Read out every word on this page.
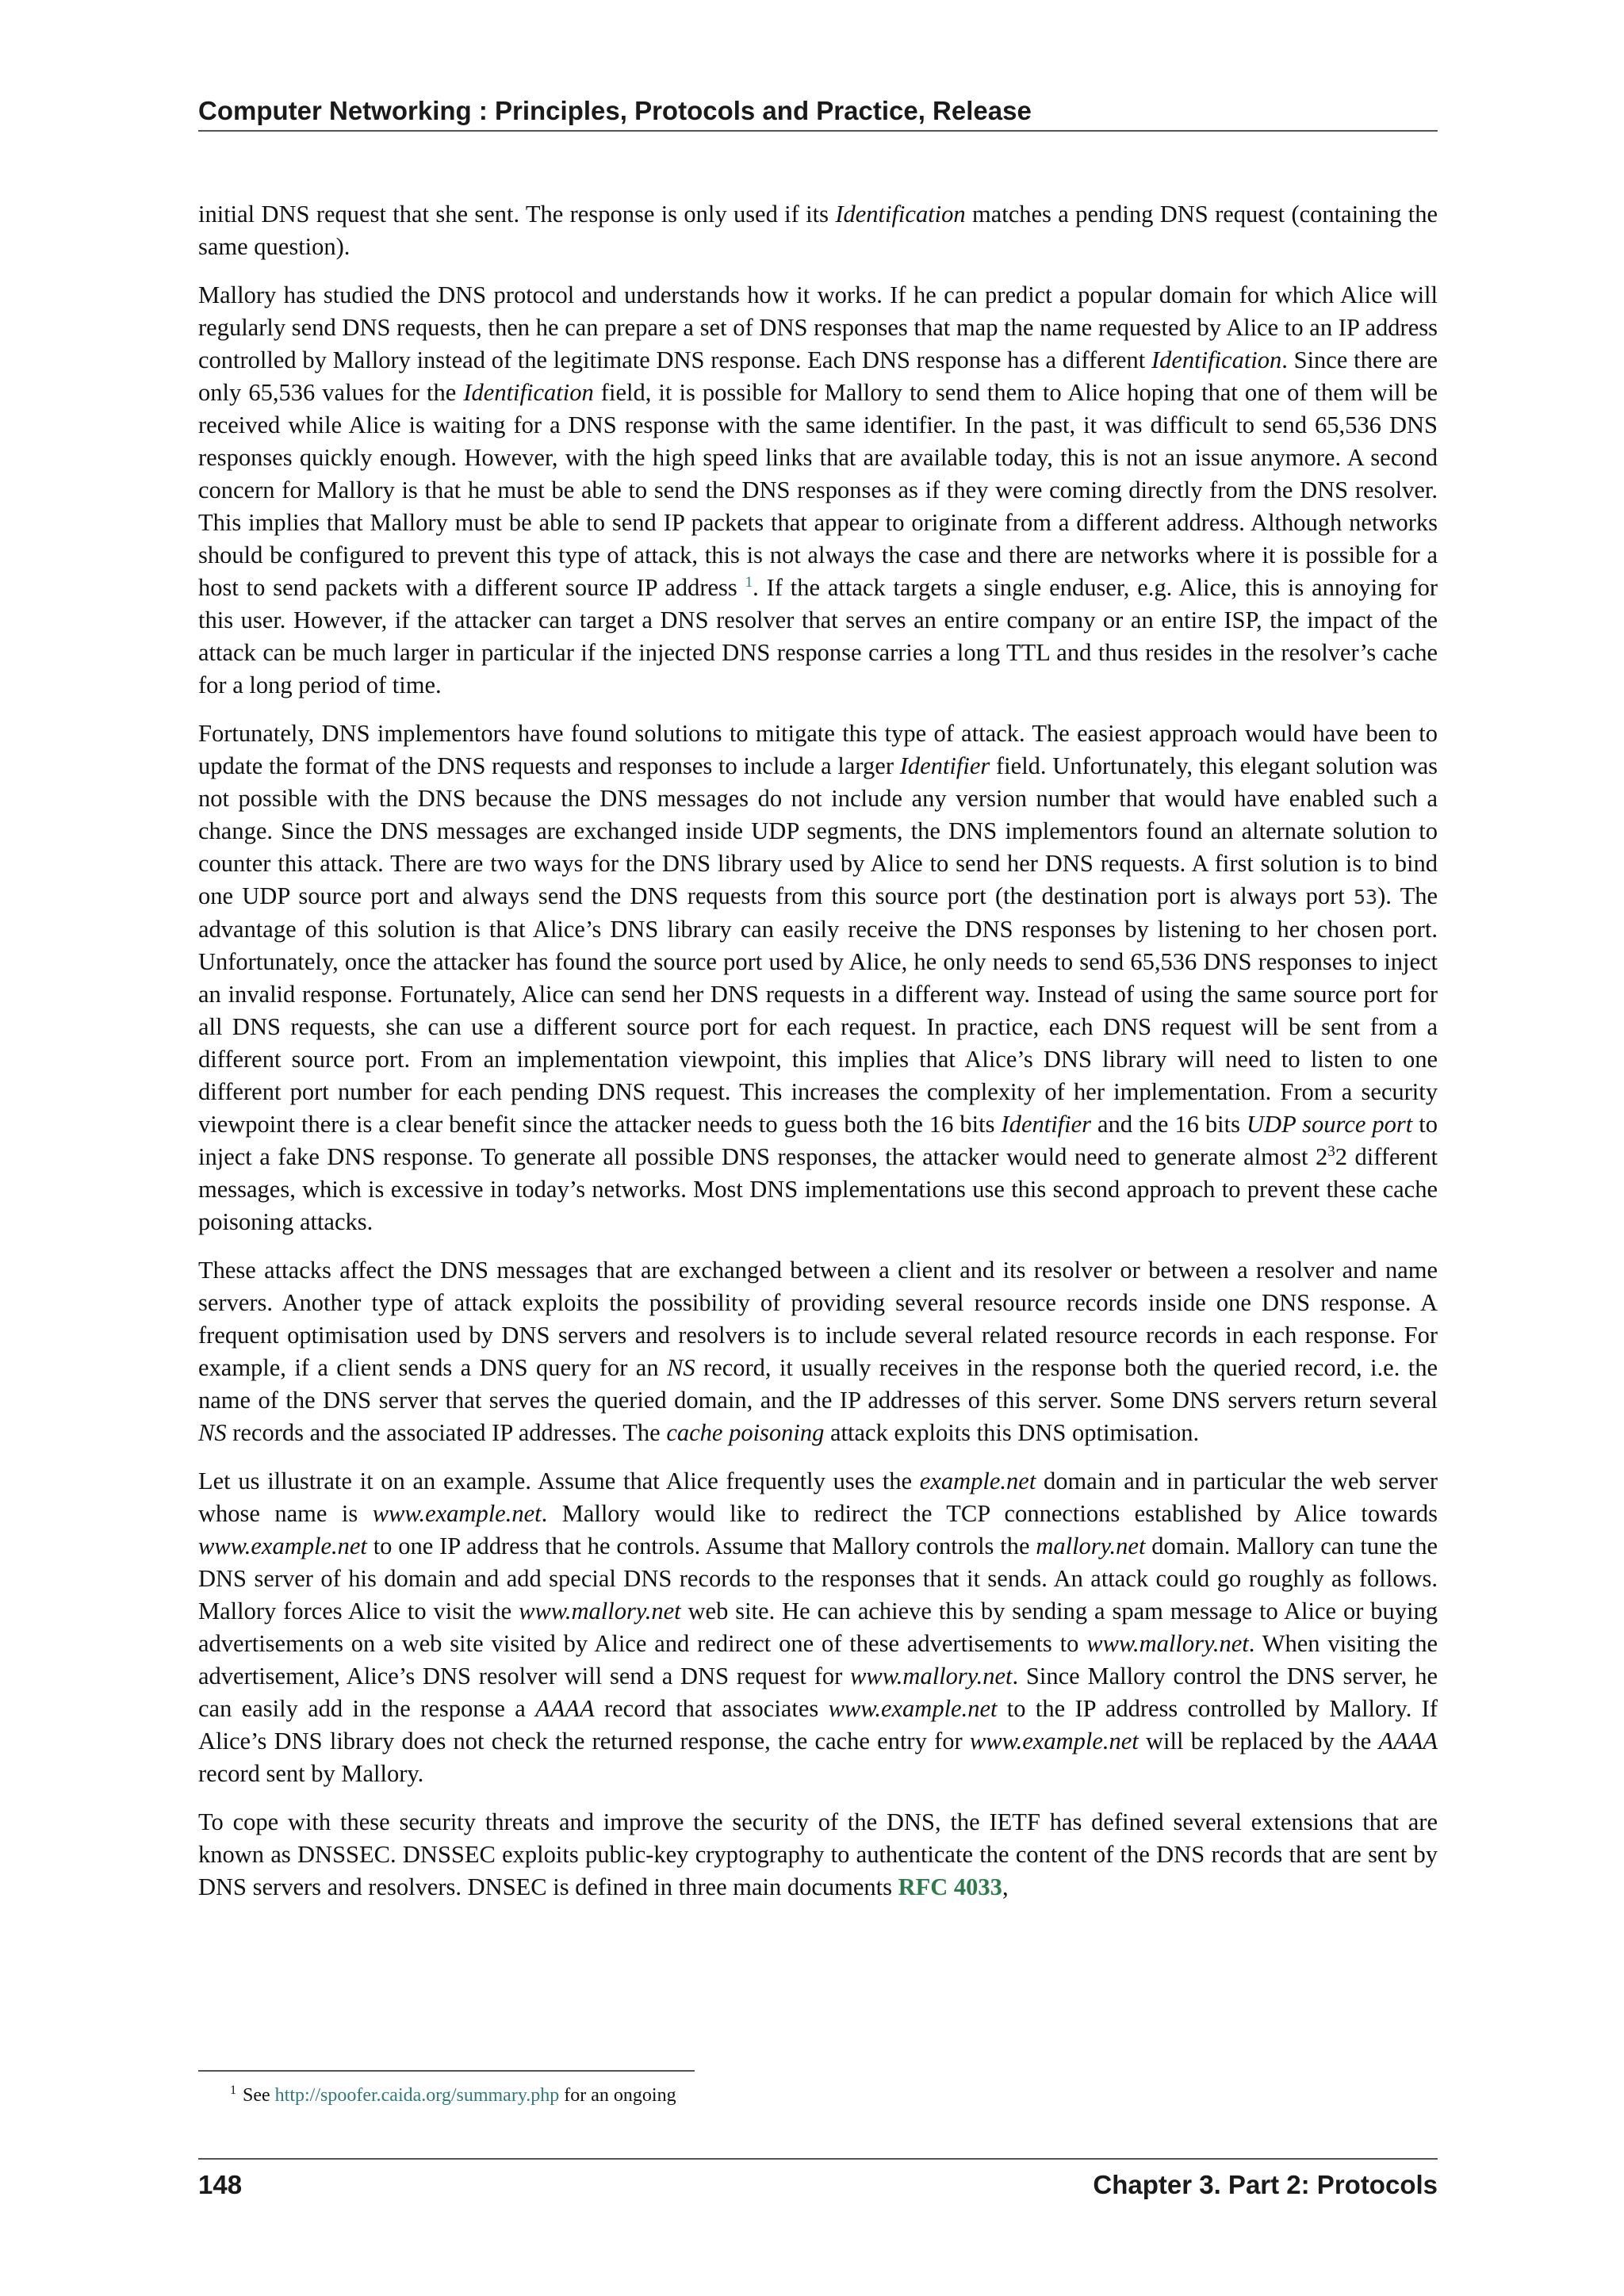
Computer Networking : Principles, Protocols and Practice, Release

initial DNS request that she sent. The response is only used if its Identification matches a pending DNS request (containing the same question).

Mallory has studied the DNS protocol and understands how it works. If he can predict a popular domain for which Alice will regularly send DNS requests, then he can prepare a set of DNS responses that map the name requested by Alice to an IP address controlled by Mallory instead of the legitimate DNS response. Each DNS response has a different Identification. Since there are only 65,536 values for the Identification field, it is possible for Mallory to send them to Alice hoping that one of them will be received while Alice is waiting for a DNS response with the same identifier. In the past, it was difficult to send 65,536 DNS responses quickly enough. However, with the high speed links that are available today, this is not an issue anymore. A second concern for Mallory is that he must be able to send the DNS responses as if they were coming directly from the DNS resolver. This implies that Mallory must be able to send IP packets that appear to originate from a different address. Although networks should be configured to prevent this type of attack, this is not always the case and there are networks where it is possible for a host to send packets with a different source IP address $^1$. If the attack targets a single enduser, e.g. Alice, this is annoying for this user. However, if the attacker can target a DNS resolver that serves an entire company or an entire ISP, the impact of the attack can be much larger in particular if the injected DNS response carries a long TTL and thus resides in the resolver’s cache for a long period of time.

Fortunately, DNS implementors have found solutions to mitigate this type of attack. The easiest approach would have been to update the format of the DNS requests and responses to include a larger Identifier field. Unfortunately, this elegant solution was not possible with the DNS because the DNS messages do not include any version number that would have enabled such a change. Since the DNS messages are exchanged inside UDP segments, the DNS implementors found an alternate solution to counter this attack. There are two ways for the DNS library used by Alice to send her DNS requests. A first solution is to bind one UDP source port and always send the DNS requests from this source port (the destination port is always port 53). The advantage of this solution is that Alice’s DNS library can easily receive the DNS responses by listening to her chosen port. Unfortunately, once the attacker has found the source port used by Alice, he only needs to send 65,536 DNS responses to inject an invalid response. Fortunately, Alice can send her DNS requests in a different way. Instead of using the same source port for all DNS requests, she can use a different source port for each request. In practice, each DNS request will be sent from a different source port. From an implementation viewpoint, this implies that Alice’s DNS library will need to listen to one different port number for each pending DNS request. This increases the complexity of her implementation. From a security viewpoint there is a clear benefit since the attacker needs to guess both the 16 bits Identifier and the 16 bits UDP source port to inject a fake DNS response. To generate all possible DNS responses, the attacker would need to generate almost $2^32$ different messages, which is excessive in today’s networks. Most DNS implementations use this second approach to prevent these cache poisoning attacks.

These attacks affect the DNS messages that are exchanged between a client and its resolver or between a resolver and name servers. Another type of attack exploits the possibility of providing several resource records inside one DNS response. A frequent optimisation used by DNS servers and resolvers is to include several related resource records in each response. For example, if a client sends a DNS query for an NS record, it usually receives in the response both the queried record, i.e. the name of the DNS server that serves the queried domain, and the IP addresses of this server. Some DNS servers return several NS records and the associated IP addresses. The cache poisoning attack exploits this DNS optimisation.

Let us illustrate it on an example. Assume that Alice frequently uses the example.net domain and in particular the web server whose name is www.example.net. Mallory would like to redirect the TCP connections established by Alice towards www.example.net to one IP address that he controls. Assume that Mallory controls the mallory.net domain. Mallory can tune the DNS server of his domain and add special DNS records to the responses that it sends. An attack could go roughly as follows. Mallory forces Alice to visit the www.mallory.net web site. He can achieve this by sending a spam message to Alice or buying advertisements on a web site visited by Alice and redirect one of these advertisements to www.mallory.net. When visiting the advertisement, Alice’s DNS resolver will send a DNS request for www.mallory.net. Since Mallory control the DNS server, he can easily add in the response a AAAA record that associates www.example.net to the IP address controlled by Mallory. If Alice’s DNS library does not check the returned response, the cache entry for www.example.net will be replaced by the AAAA record sent by Mallory.

To cope with these security threats and improve the security of the DNS, the IETF has defined several extensions that are known as DNSSEC. DNSSEC exploits public-key cryptography to authenticate the content of the DNS records that are sent by DNS servers and resolvers. DNSEC is defined in three main documents RFC 4033,

$^1$ See http://spoofer.caida.org/summary.php for an ongoing
148	Chapter 3. Part 2: Protocols
